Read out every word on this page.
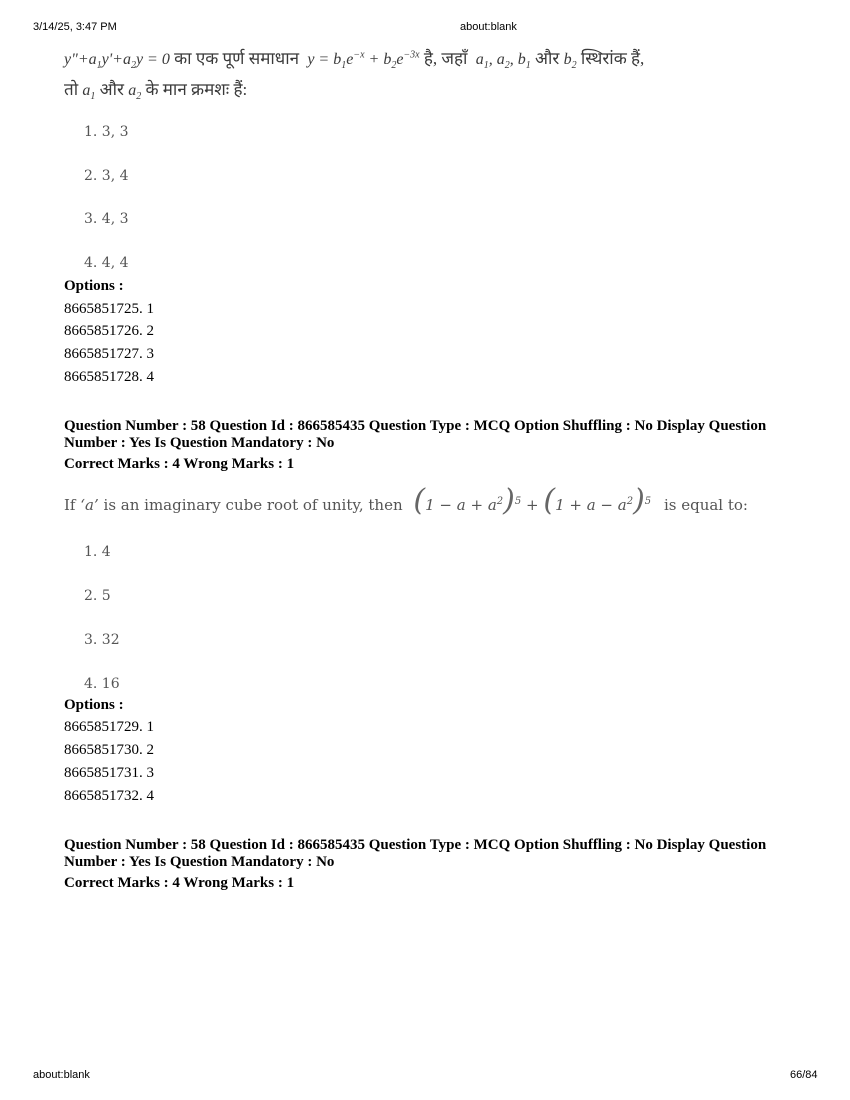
3/14/25, 3:47 PM	about:blank
about:blank	66/84
$y"+a_1y'+a_2y = 0$ का एक पूर्ण समाधान  $y = b_1e^{-x} + b_2e^{-3x}$ है, जहाँ  $a_1$, $a_2$, $b_1$ और $b_2$ स्थिरांक हैं,
तो $a_1$ और $a_2$ के मान क्रमशः हैं:
1. 3, 3
2. 3, 4
3. 4, 3
4. 4, 4
Options :
8665851725. 1
8665851726. 2
8665851727. 3
8665851728. 4
Question Number : 58 Question Id : 866585435 Question Type : MCQ Option Shuffling : No Display Question Number : Yes Is Question Mandatory : No
Correct Marks : 4 Wrong Marks : 1
If ‘a’ is an imaginary cube root of unity, then $(1 - a + a^2)^5 + (1 + a - a^2)^5$ is equal to:
1. 4
2. 5
3. 32
4. 16
Options :
8665851729. 1
8665851730. 2
8665851731. 3
8665851732. 4
Question Number : 58 Question Id : 866585435 Question Type : MCQ Option Shuffling : No Display Question Number : Yes Is Question Mandatory : No
Correct Marks : 4 Wrong Marks : 1
